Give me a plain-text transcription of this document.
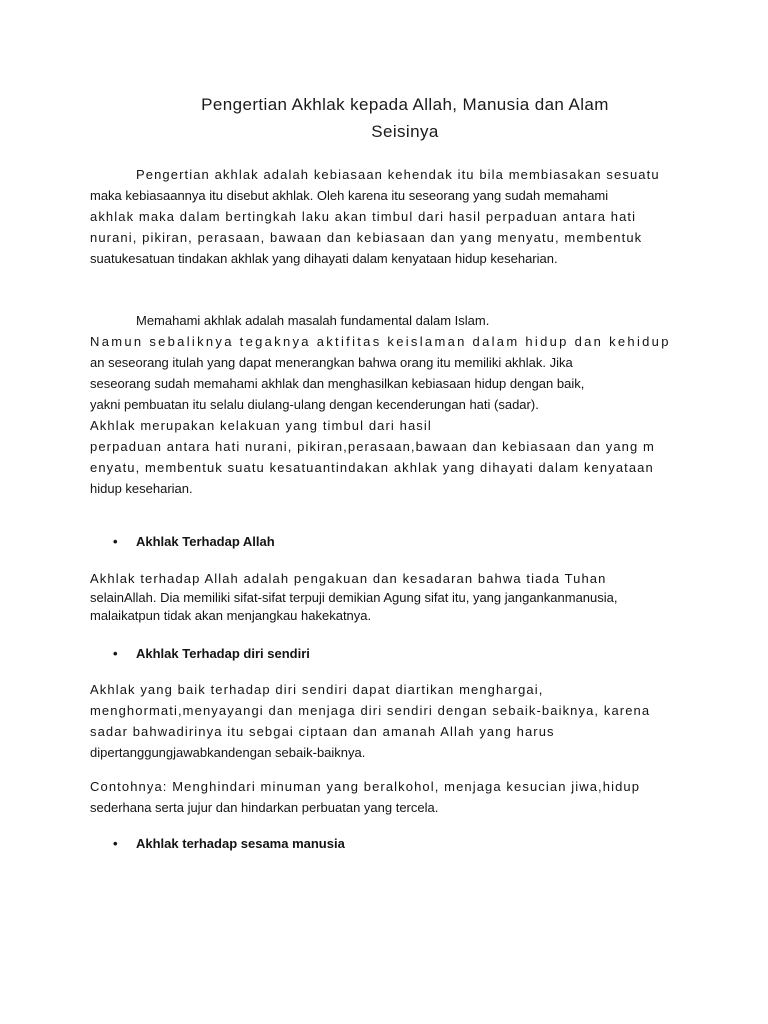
Pengertian Akhlak kepada Allah, Manusia dan Alam
Seisinya
Pengertian akhlak adalah kebiasaan kehendak itu bila membiasakan sesuatu
maka kebiasaannya itu disebut akhlak. Oleh karena itu seseorang yang sudah memahami
akhlak maka dalam bertingkah laku akan timbul dari hasil perpaduan antara hati
nurani, pikiran, perasaan, bawaan dan kebiasaan dan yang menyatu, membentuk
suatukesatuan tindakan akhlak yang dihayati dalam kenyataan hidup keseharian.
Memahami akhlak adalah masalah fundamental dalam Islam.
Namun sebaliknya tegaknya aktifitas keislaman dalam hidup dan kehidup
an seseorang itulah yang dapat menerangkan bahwa orang itu memiliki akhlak. Jika
seseorang sudah memahami akhlak dan menghasilkan kebiasaan hidup dengan baik,
yakni pembuatan itu selalu diulang-ulang dengan kecenderungan hati (sadar).
Akhlak merupakan kelakuan yang timbul dari hasil
perpaduan antara hati nurani, pikiran,perasaan,bawaan dan kebiasaan dan yang m
enyatu, membentuk suatu kesatuantindakan akhlak yang dihayati dalam kenyataan
hidup keseharian.
• Akhlak Terhadap Allah
Akhlak terhadap Allah adalah pengakuan dan kesadaran bahwa tiada Tuhan
selainAllah. Dia memiliki sifat-sifat terpuji demikian Agung sifat itu, yang jangankanmanusia,
malaikatpun tidak akan menjangkau hakekatnya.
• Akhlak Terhadap diri sendiri
Akhlak yang baik terhadap diri sendiri dapat diartikan menghargai,
menghormati,menyayangi dan menjaga diri sendiri dengan sebaik-baiknya, karena
sadar bahwadirinya itu sebgai ciptaan dan amanah Allah yang harus
dipertanggungjawabkandengan sebaik-baiknya.
Contohnya: Menghindari minuman yang beralkohol, menjaga kesucian jiwa,hidup
sederhana serta jujur dan hindarkan perbuatan yang tercela.
• Akhlak terhadap sesama manusia
